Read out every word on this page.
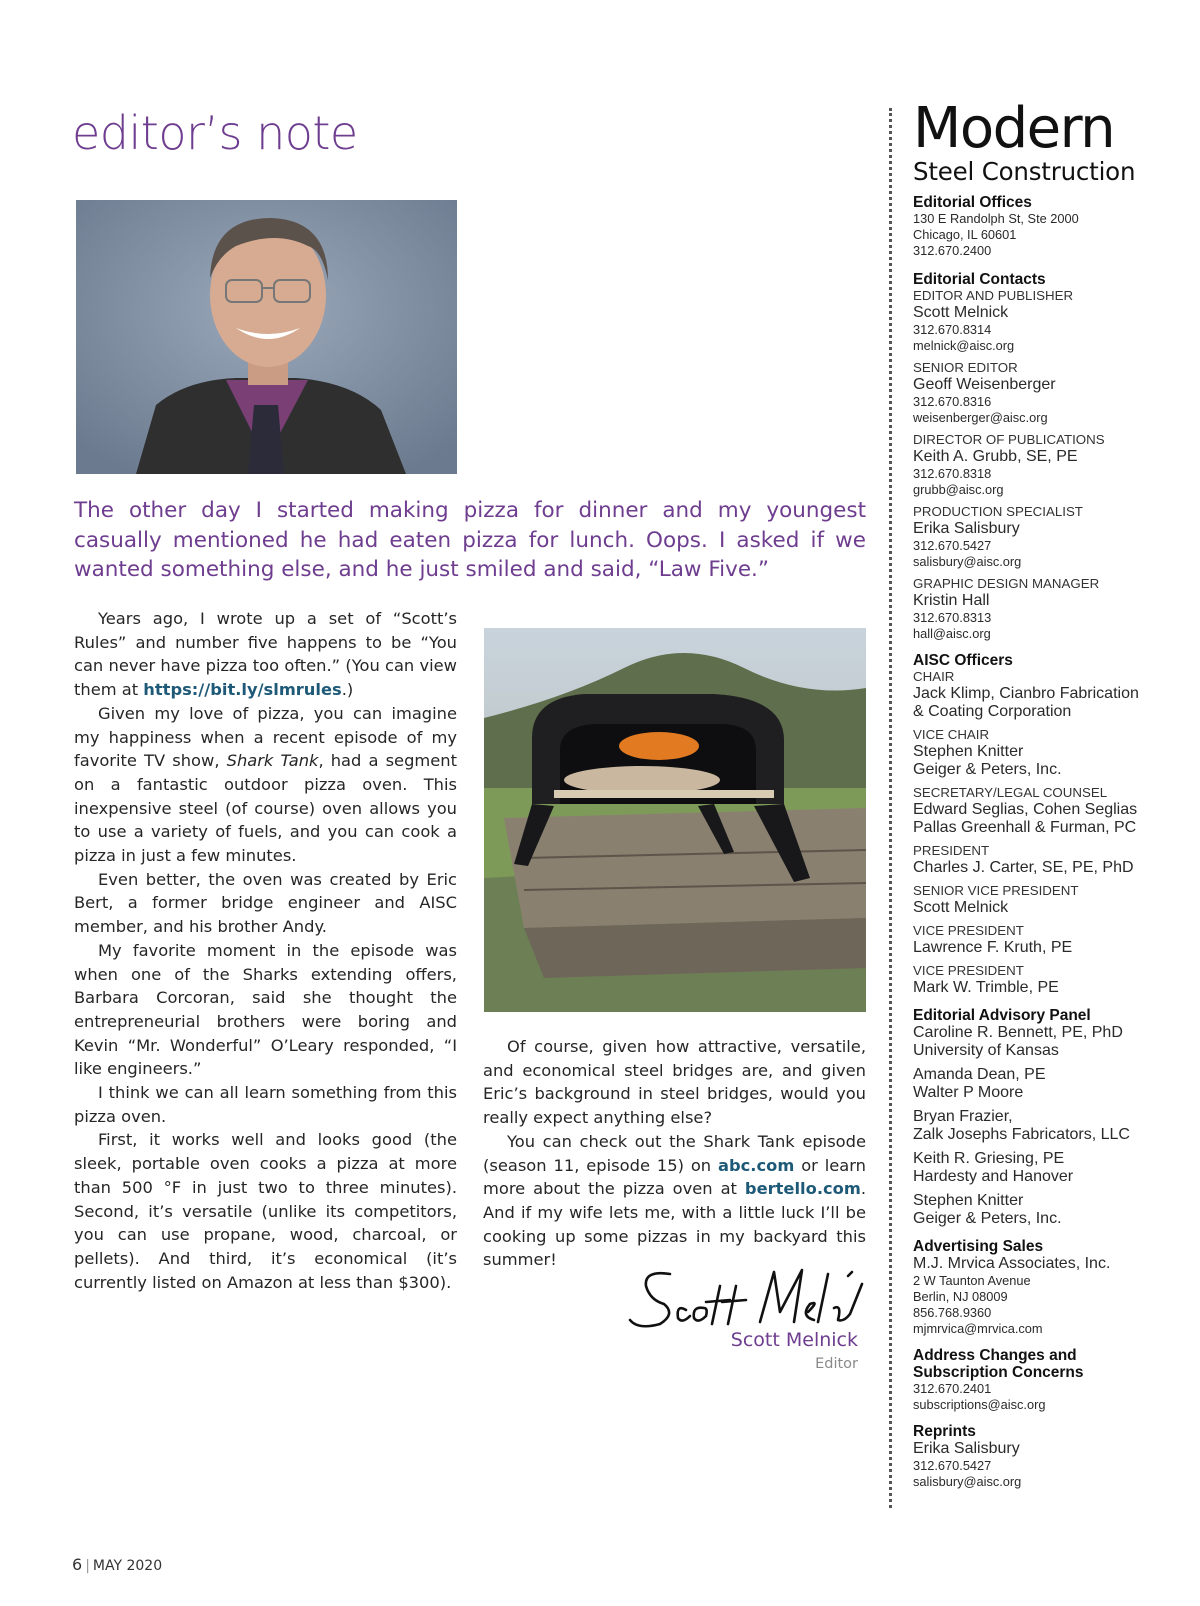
editor’s note

The other day I started making pizza for dinner and my youngest casually mentioned he had eaten pizza for lunch. Oops. I asked if we wanted something else, and he just smiled and said, “Law Five.”

Years ago, I wrote up a set of “Scott’s Rules” and number five happens to be “You can never have pizza too often.” (You can view them at https://bit.ly/slmrules.)

Given my love of pizza, you can imagine my happiness when a recent episode of my favorite TV show, Shark Tank, had a segment on a fantastic outdoor pizza oven. This inexpensive steel (of course) oven allows you to use a variety of fuels, and you can cook a pizza in just a few minutes.

Even better, the oven was created by Eric Bert, a former bridge engineer and AISC member, and his brother Andy.

My favorite moment in the episode was when one of the Sharks extending offers, Barbara Corcoran, said she thought the entrepreneurial brothers were boring and Kevin “Mr. Wonderful” O’Leary responded, “I like engineers.”

I think we can all learn something from this pizza oven.

First, it works well and looks good (the sleek, portable oven cooks a pizza at more than 500 °F in just two to three minutes). Second, it’s versatile (unlike its competitors, you can use propane, wood, charcoal, or pellets). And third, it’s economical (it’s currently listed on Amazon at less than $300).

Of course, given how attractive, versatile, and economical steel bridges are, and given Eric’s background in steel bridges, would you really expect anything else?

You can check out the Shark Tank episode (season 11, episode 15) on abc.com or learn more about the pizza oven at bertello.com. And if my wife lets me, with a little luck I’ll be cooking up some pizzas in my backyard this summer!

Scott Melnick
Editor
Modern
Steel Construction
Editorial Offices
130 E Randolph St, Ste 2000
Chicago, IL 60601
312.670.2400
Editorial Contacts
EDITOR AND PUBLISHER
Scott Melnick
312.670.8314
melnick@aisc.org
SENIOR EDITOR
Geoff Weisenberger
312.670.8316
weisenberger@aisc.org
DIRECTOR OF PUBLICATIONS
Keith A. Grubb, SE, PE
312.670.8318
grubb@aisc.org
PRODUCTION SPECIALIST
Erika Salisbury
312.670.5427
salisbury@aisc.org
GRAPHIC DESIGN MANAGER
Kristin Hall
312.670.8313
hall@aisc.org
AISC Officers
CHAIR
Jack Klimp, Cianbro Fabrication
& Coating Corporation
VICE CHAIR
Stephen Knitter
Geiger & Peters, Inc.
SECRETARY/LEGAL COUNSEL
Edward Seglias, Cohen Seglias
Pallas Greenhall & Furman, PC
PRESIDENT
Charles J. Carter, SE, PE, PhD
SENIOR VICE PRESIDENT
Scott Melnick
VICE PRESIDENT
Lawrence F. Kruth, PE
VICE PRESIDENT
Mark W. Trimble, PE
Editorial Advisory Panel
Caroline R. Bennett, PE, PhD
University of Kansas
Amanda Dean, PE
Walter P Moore
Bryan Frazier,
Zalk Josephs Fabricators, LLC
Keith R. Griesing, PE
Hardesty and Hanover
Stephen Knitter
Geiger & Peters, Inc.
Advertising Sales
M.J. Mrvica Associates, Inc.
2 W Taunton Avenue
Berlin, NJ 08009
856.768.9360
mjmrvica@mrvica.com
Address Changes and
Subscription Concerns
312.670.2401
subscriptions@aisc.org
Reprints
Erika Salisbury
312.670.5427
salisbury@aisc.org
6 | MAY 2020
